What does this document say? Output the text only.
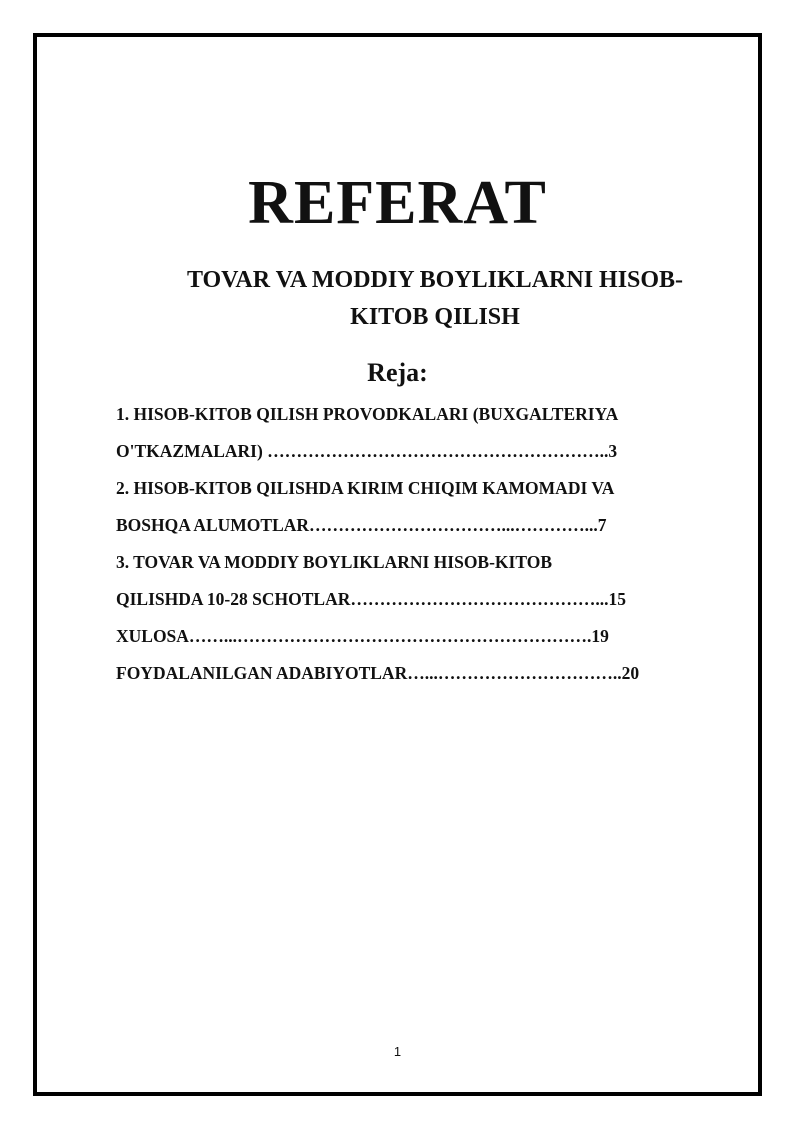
REFERAT
TOVAR VA MODDIY BOYLIKLARNI HISOB-
KITOB QILISH
Reja:
1. HISOB-KITOB QILISH PROVODKALARI (BUXGALTERIYA
O'TKAZMALARI) …………………………………………………..3
2. HISOB-KITOB QILISHDA KIRIM CHIQIM KAMOMADI VA
BOSHQA ALUMOTLAR……………………………...…………...7
3. TOVAR VA MODDIY BOYLIKLARNI HISOB-KITOB
QILISHDA 10-28 SCHOTLAR……………………………………...15
XULOSA……...…………………………………………………….19
FOYDALANILGAN ADABIYOTLAR…...…………………………..20
1
